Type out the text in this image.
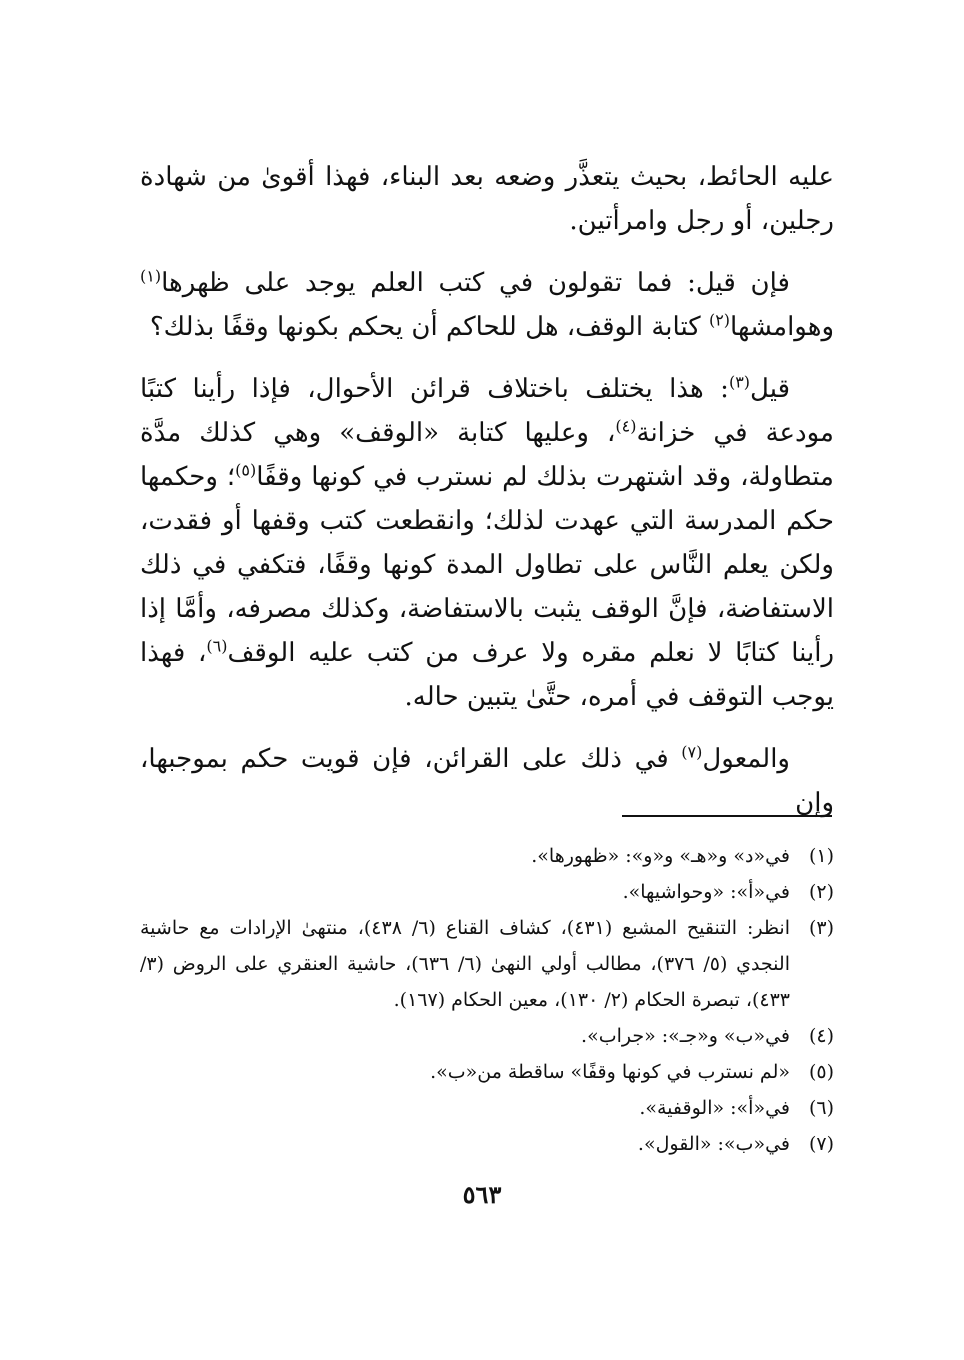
عليه الحائط، بحيث يتعذَّر وضعه بعد البناء، فهذا أقوىٰ من شهادة رجلين، أو رجل وامرأتين.

فإن قيل: فما تقولون في كتب العلم يوجد على ظهرها$^{(١)}$ وهوامشها$^{(٢)}$ كتابة الوقف، هل للحاكم أن يحكم بكونها وقفًا بذلك؟

قيل$^{(٣)}$: هذا يختلف باختلاف قرائن الأحوال، فإذا رأينا كتبًا مودعة في خزانة$^{(٤)}$، وعليها كتابة «الوقف» وهي كذلك مدَّة متطاولة، وقد اشتهرت بذلك لم نسترب في كونها وقفًا$^{(٥)}$؛ وحكمها حكم المدرسة التي عهدت لذلك؛ وانقطعت كتب وقفها أو فقدت، ولكن يعلم النَّاس على تطاول المدة كونها وقفًا، فتكفي في ذلك الاستفاضة، فإنَّ الوقف يثبت بالاستفاضة، وكذلك مصرفه، وأمَّا إذا رأينا كتابًا لا نعلم مقره ولا عرف من كتب عليه الوقف$^{(٦)}$، فهذا يوجب التوقف في أمره، حتَّىٰ يتبين حاله.

والمعول$^{(٧)}$ في ذلك على القرائن، فإن قويت حكم بموجبها، وإن

(١)
في«د» و«هـ» و«و»: «ظهورها».
(٢)
في«أ»: «وحواشيها».
(٣)
انظر: التنقيح المشبع (٤٣١)، كشاف القناع (٦/ ٤٣٨)، منتهىٰ الإرادات مع حاشية النجدي (٥/ ٣٧٦)، مطالب أولي النهىٰ (٦/ ٦٣٦)، حاشية العنقري على الروض (٣/ ٤٣٣)، تبصرة الحكام (٢/ ١٣٠)، معين الحكام (١٦٧).
(٤)
في«ب» و«جـ»: «جراب».
(٥)
«لم نسترب في كونها وقفًا» ساقطة من«ب».
(٦)
في«أ»: «الوقفية».
(٧)
في«ب»: «القول».
٥٦٣
